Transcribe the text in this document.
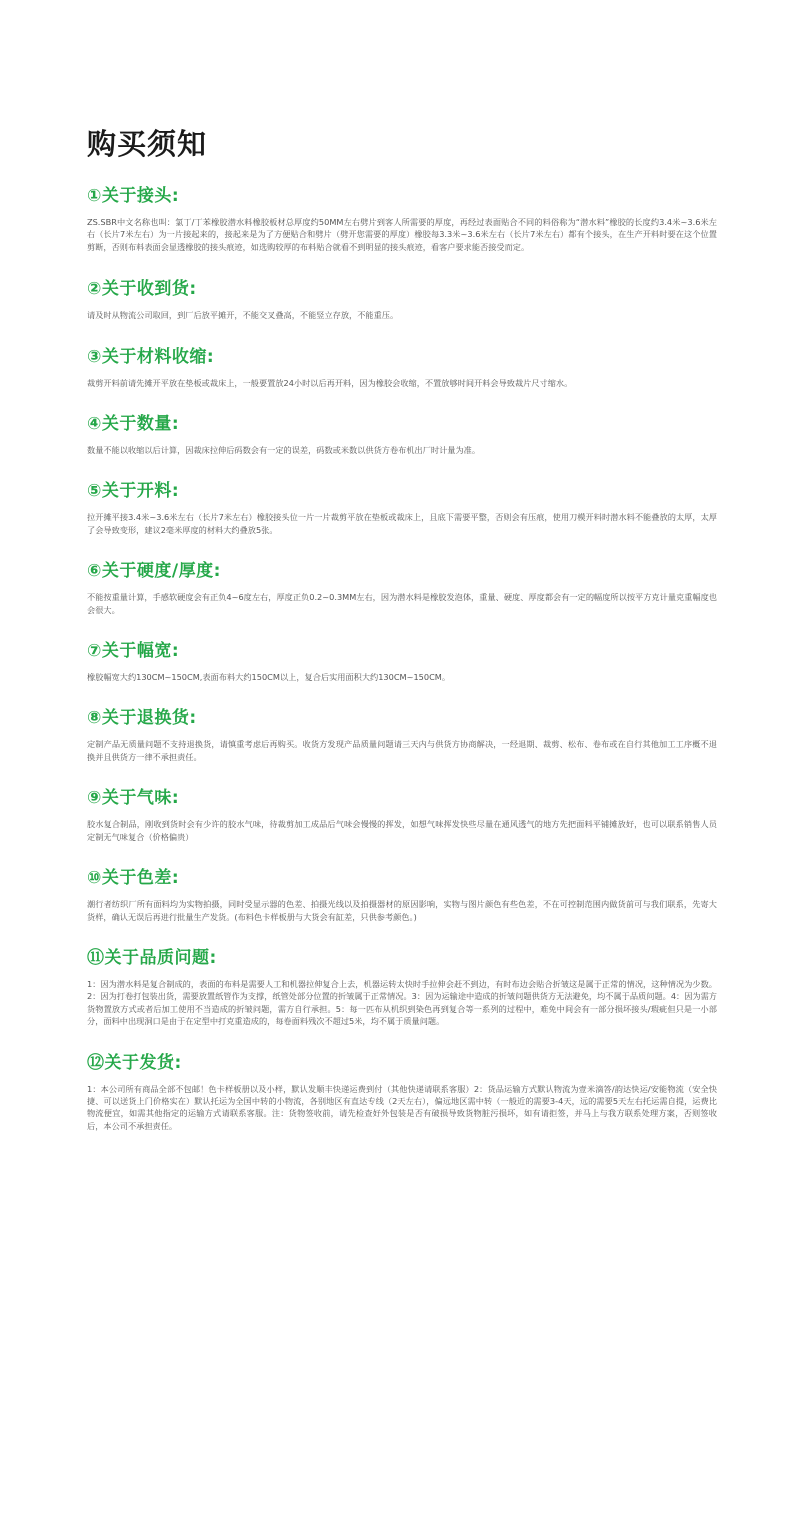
购买须知
①关于接头:

ZS.SBR中文名称也叫：氯丁/丁苯橡胶潜水料橡胶板材总厚度约50MM左右劈片到客人所需要的厚度，再经过表面贴合不同的料俗称为“潜水料”橡胶的长度约3.4米~3.6米左右（长片7米左右）为一片接起来的，接起来是为了方便贴合和劈片（劈开您需要的厚度）橡胶每3.3米~3.6米左右（长片7米左右）都有个接头，在生产开料时要在这个位置剪断，否则布料表面会显透橡胶的接头痕迹，如选购较厚的布料贴合就看不到明显的接头痕迹，看客户要求能否接受而定。

②关于收到货:

请及时从物流公司取回，到厂后放平摊开，不能交叉叠高，不能竖立存放，不能重压。

③关于材料收缩:

裁剪开料前请先摊开平放在垫板或裁床上，一般要置放24小时以后再开料，因为橡胶会收缩，不置放够时间开料会导致裁片尺寸缩水。

④关于数量:

数量不能以收缩以后计算，因裁床拉伸后码数会有一定的误差，码数或米数以供货方卷布机出厂时计量为准。

⑤关于开料:

拉开摊平接3.4米~3.6米左右（长片7米左右）橡胶接头位一片一片裁剪平放在垫板或裁床上，且底下需要平整，否则会有压痕，使用刀模开料时潜水料不能叠放的太厚，太厚了会导致变形，建议2毫米厚度的材料大约叠放5张。

⑥关于硬度/厚度:

不能按重量计算，手感软硬度会有正负4~6度左右，厚度正负0.2~0.3MM左右，因为潜水料是橡胶发泡体，重量、硬度、厚度都会有一定的幅度所以按平方克计量克重幅度也会很大。

⑦关于幅宽:

橡胶幅宽大约130CM~150CM,表面布料大约150CM以上，复合后实用面积大约130CM~150CM。

⑧关于退换货:

定制产品无质量问题不支持退换货，请慎重考虑后再购买。收货方发现产品质量问题请三天内与供货方协商解决，一经退期、裁剪、松布、卷布或在自行其他加工工序概不退换并且供货方一律不承担责任。

⑨关于气味:

胶水复合制品，刚收到货时会有少许的胶水气味，待裁剪加工成品后气味会慢慢的挥发，如想气味挥发快些尽量在通风透气的地方先把面料平铺摊放好，也可以联系销售人员定制无气味复合（价格偏贵）

⑩关于色差:

潮行者纺织厂所有面料均为实物拍摄，同时受显示器的色差、拍摄光线以及拍摄器材的原因影响，实物与图片颜色有些色差，不在可控制范围内做货前可与我们联系，先寄大货样，确认无误后再进行批量生产发货。(布料色卡样板册与大货会有缸差，只供参考颜色。)

⑪关于品质问题:

1：因为潜水料是复合制成的，表面的布料是需要人工和机器拉伸复合上去，机器运转太快时手拉伸会赶不到边，有时布边会贴合折皱这是属于正常的情况，这种情况为少数。2：因为打卷打包装出货，需要放置纸管作为支撑，纸管处部分位置的折皱属于正常情况。3：因为运输途中造成的折皱问题供货方无法避免，均不属于品质问题。4：因为需方货物置放方式或者后加工使用不当造成的折皱问题，需方自行承担。5：每一匹布从机织到染色再到复合等一系列的过程中，难免中间会有一部分损坏接头/瑕疵但只是一小部分，面料中出现洞口是由于在定型中打克重造成的，每卷面料残次不超过5米，均不属于质量问题。

⑫关于发货:

1：本公司所有商品全部不包邮！色卡样板册以及小样，默认发顺丰快递运费到付（其他快递请联系客服）2：货品运输方式默认物流为壹米滴答/韵达快运/安能物流（安全快捷、可以送货上门价格实在）默认托运为全国中转的小物流，各别地区有直达专线（2天左右），偏远地区需中转（一般近的需要3-4天，远的需要5天左右托运需自提，运费比物流便宜，如需其他指定的运输方式请联系客服。注：货物签收前，请先检查好外包装是否有破损导致货物脏污损坏，如有请拒签，并马上与我方联系处理方案，否则签收后，本公司不承担责任。
